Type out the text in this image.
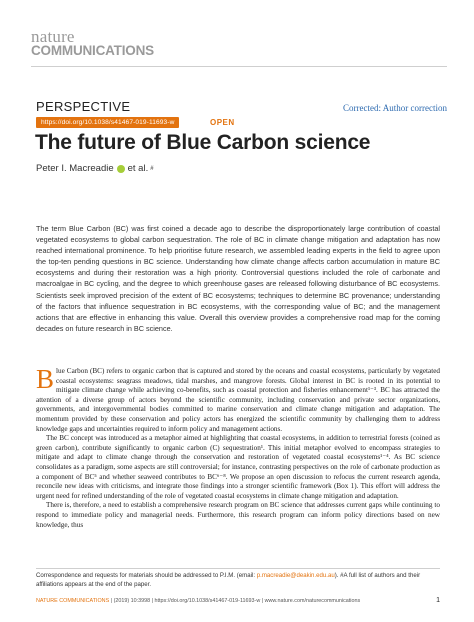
nature
COMMUNICATIONS
PERSPECTIVE	Corrected: Author correction
https://doi.org/10.1038/s41467-019-11693-w	OPEN
The future of Blue Carbon science
Peter I. Macreadie et al. #

The term Blue Carbon (BC) was first coined a decade ago to describe the disproportionately large contribution of coastal vegetated ecosystems to global carbon sequestration. The role of BC in climate change mitigation and adaptation has now reached international prominence. To help prioritise future research, we assembled leading experts in the field to agree upon the top-ten pending questions in BC science. Understanding how climate change affects carbon accumulation in mature BC ecosystems and during their restoration was a high priority. Controversial questions included the role of carbonate and macroalgae in BC cycling, and the degree to which greenhouse gases are released following disturbance of BC ecosystems. Scientists seek improved precision of the extent of BC ecosystems; techniques to determine BC provenance; understanding of the factors that influence sequestration in BC ecosystems, with the corresponding value of BC; and the management actions that are effective in enhancing this value. Overall this overview provides a comprehensive road map for the coming decades on future research in BC science.

B lue Carbon (BC) refers to organic carbon that is captured and stored by the oceans and coastal ecosystems, particularly by vegetated coastal ecosystems: seagrass meadows, tidal marshes, and mangrove forests. Global interest in BC is rooted in its potential to mitigate climate change while achieving co-benefits, such as coastal protection and fisheries enhancement¹⁻³. BC has attracted the attention of a diverse group of actors beyond the scientific community, including conservation and private sector organizations, governments, and intergovernmental bodies committed to marine conservation and climate change mitigation and adaptation. The momentum provided by these conservation and policy actors has energized the scientific community by challenging them to address knowledge gaps and uncertainties required to inform policy and management actions.

The BC concept was introduced as a metaphor aimed at highlighting that coastal ecosystems, in addition to terrestrial forests (coined as green carbon), contribute significantly to organic carbon (C) sequestration¹. This initial metaphor evolved to encompass strategies to mitigate and adapt to climate change through the conservation and restoration of vegetated coastal ecosystems¹⁻⁴. As BC science consolidates as a paradigm, some aspects are still controversial; for instance, contrasting perspectives on the role of carbonate production as a component of BC⁵ and whether seaweed contributes to BC⁶⁻⁸. We propose an open discussion to refocus the current research agenda, reconcile new ideas with criticisms, and integrate those findings into a stronger scientific framework (Box 1). This effort will address the urgent need for refined understanding of the role of vegetated coastal ecosystems in climate change mitigation and adaptation.

There is, therefore, a need to establish a comprehensive research program on BC science that addresses current gaps while continuing to respond to immediate policy and managerial needs. Furthermore, this research program can inform policy directions based on new knowledge, thus

Correspondence and requests for materials should be addressed to P.I.M. (email: p.macreadie@deakin.edu.au). #A full list of authors and their affiliations appears at the end of the paper.
NATURE COMMUNICATIONS | (2019) 10:3998 | https://doi.org/10.1038/s41467-019-11693-w | www.nature.com/naturecommunications	1
